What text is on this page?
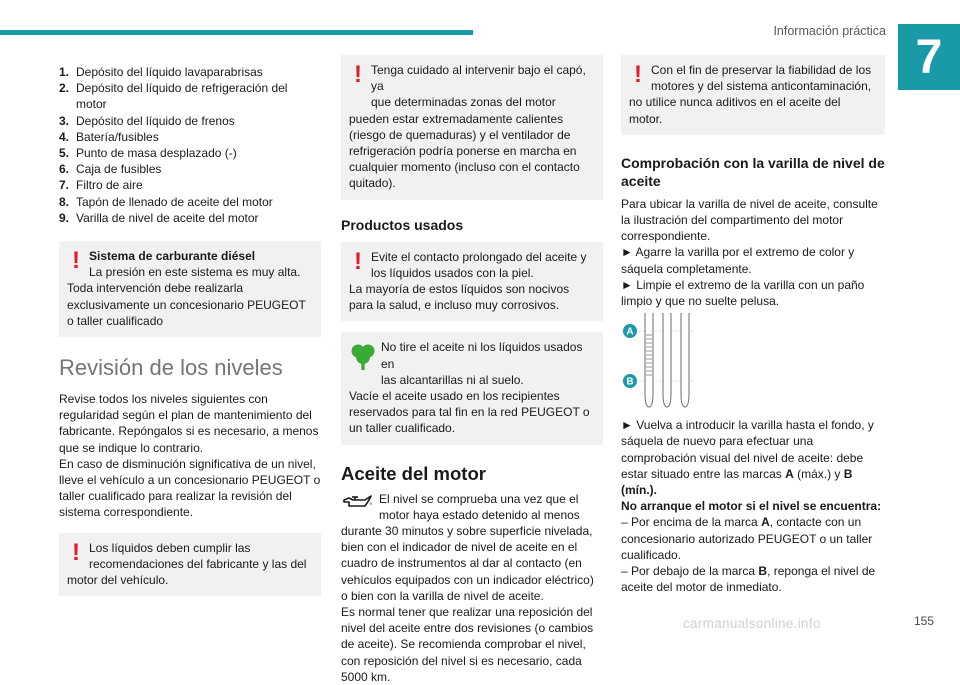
Información práctica 7
1. Depósito del líquido lavaparabrisas
2. Depósito del líquido de refrigeración del motor
3. Depósito del líquido de frenos
4. Batería/fusibles
5. Punto de masa desplazado (-)
6. Caja de fusibles
7. Filtro de aire
8. Tapón de llenado de aceite del motor
9. Varilla de nivel de aceite del motor
! Sistema de carburante diésel

La presión en este sistema es muy alta.

Toda intervención debe realizarla exclusivamente un concesionario PEUGEOT o taller cualificado

Revisión de los niveles

Revise todos los niveles siguientes con regularidad según el plan de mantenimiento del fabricante. Repóngalos si es necesario, a menos que se indique lo contrario.

En caso de disminución significativa de un nivel, lleve el vehículo a un concesionario PEUGEOT o taller cualificado para realizar la revisión del sistema correspondiente.

! Los líquidos deben cumplir las

recomendaciones del fabricante y las del motor del vehículo.

! Tenga cuidado al intervenir bajo el capó, ya

que determinadas zonas del motor pueden estar extremadamente calientes (riesgo de quemaduras) y el ventilador de refrigeración podría ponerse en marcha en cualquier momento (incluso con el contacto quitado).

Productos usados
! Evite el contacto prolongado del aceite y

los líquidos usados con la piel.

La mayoría de estos líquidos son nocivos para la salud, e incluso muy corrosivos.

No tire el aceite ni los líquidos usados en

las alcantarillas ni al suelo.

Vacíe el aceite usado en los recipientes reservados para tal fin en la red PEUGEOT o un taller cualificado.

Aceite del motor

El nivel se comprueba una vez que el motor haya estado detenido al menos durante 30 minutos y sobre superficie nivelada, bien con el indicador de nivel de aceite en el cuadro de instrumentos al dar al contacto (en vehículos equipados con un indicador eléctrico) o bien con la varilla de nivel de aceite.

Es normal tener que realizar una reposición del nivel del aceite entre dos revisiones (o cambios de aceite). Se recomienda comprobar el nivel, con reposición del nivel si es necesario, cada 5000 km.

! Con el fin de preservar la fiabilidad de los

motores y del sistema anticontaminación, no utilice nunca aditivos en el aceite del motor.

Comprobación con la varilla de nivel de aceite

Para ubicar la varilla de nivel de aceite, consulte la ilustración del compartimento del motor correspondiente.

► Agarre la varilla por el extremo de color y sáquela completamente.

► Limpie el extremo de la varilla con un paño limpio y que no suelte pelusa.

A
B

► Vuelva a introducir la varilla hasta el fondo, y sáquela de nuevo para efectuar una comprobación visual del nivel de aceite: debe estar situado entre las marcas A (máx.) y B (mín.).

No arranque el motor si el nivel se encuentra:

– Por encima de la marca A, contacte con un concesionario autorizado PEUGEOT o un taller cualificado.

– Por debajo de la marca B, reponga el nivel de aceite del motor de inmediato.

carmanualsonline.info	155
